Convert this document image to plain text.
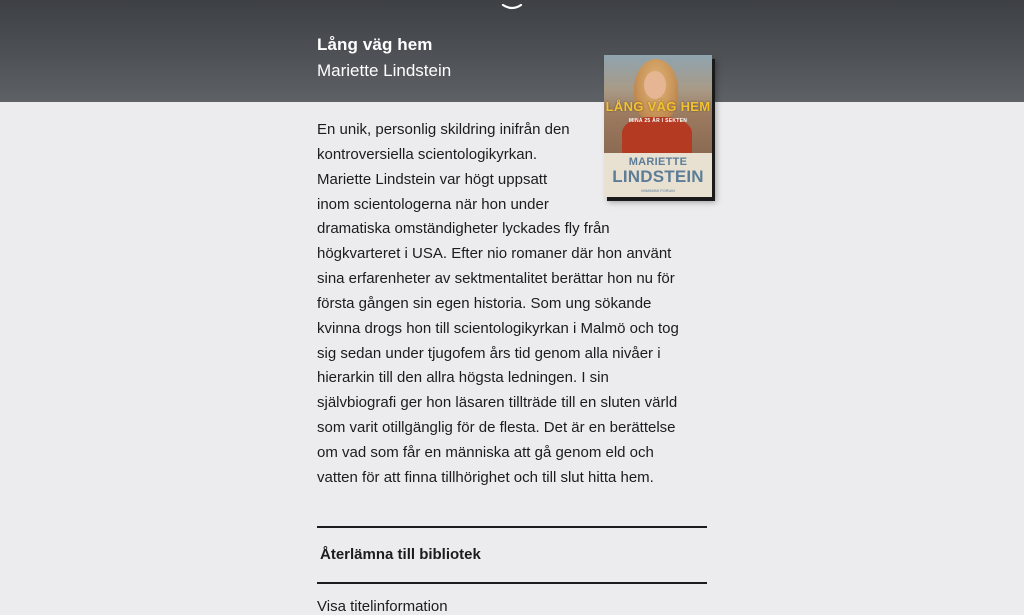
Lång väg hem
Mariette Lindstein
LÅNG VÄG HEM
MINA 25 ÅR I SEKTEN
MARIETTE
LINDSTEIN
MIMIMIMI FORUM
En unik, personlig skildring inifrån den
kontroversiella scientologikyrkan.
Mariette Lindstein var högt uppsatt
inom scientologerna när hon under
dramatiska omständigheter lyckades fly från
högkvarteret i USA. Efter nio romaner där hon använt
sina erfarenheter av sektmentalitet berättar hon nu för
första gången sin egen historia. Som ung sökande
kvinna drogs hon till scientologikyrkan i Malmö och tog
sig sedan under tjugofem års tid genom alla nivåer i
hierarkin till den allra högsta ledningen. I sin
självbiografi ger hon läsaren tillträde till en sluten värld
som varit otillgänglig för de flesta. Det är en berättelse
om vad som får en människa att gå genom eld och
vatten för att finna tillhörighet och till slut hitta hem.
Återlämna till bibliotek
Visa titelinformation
